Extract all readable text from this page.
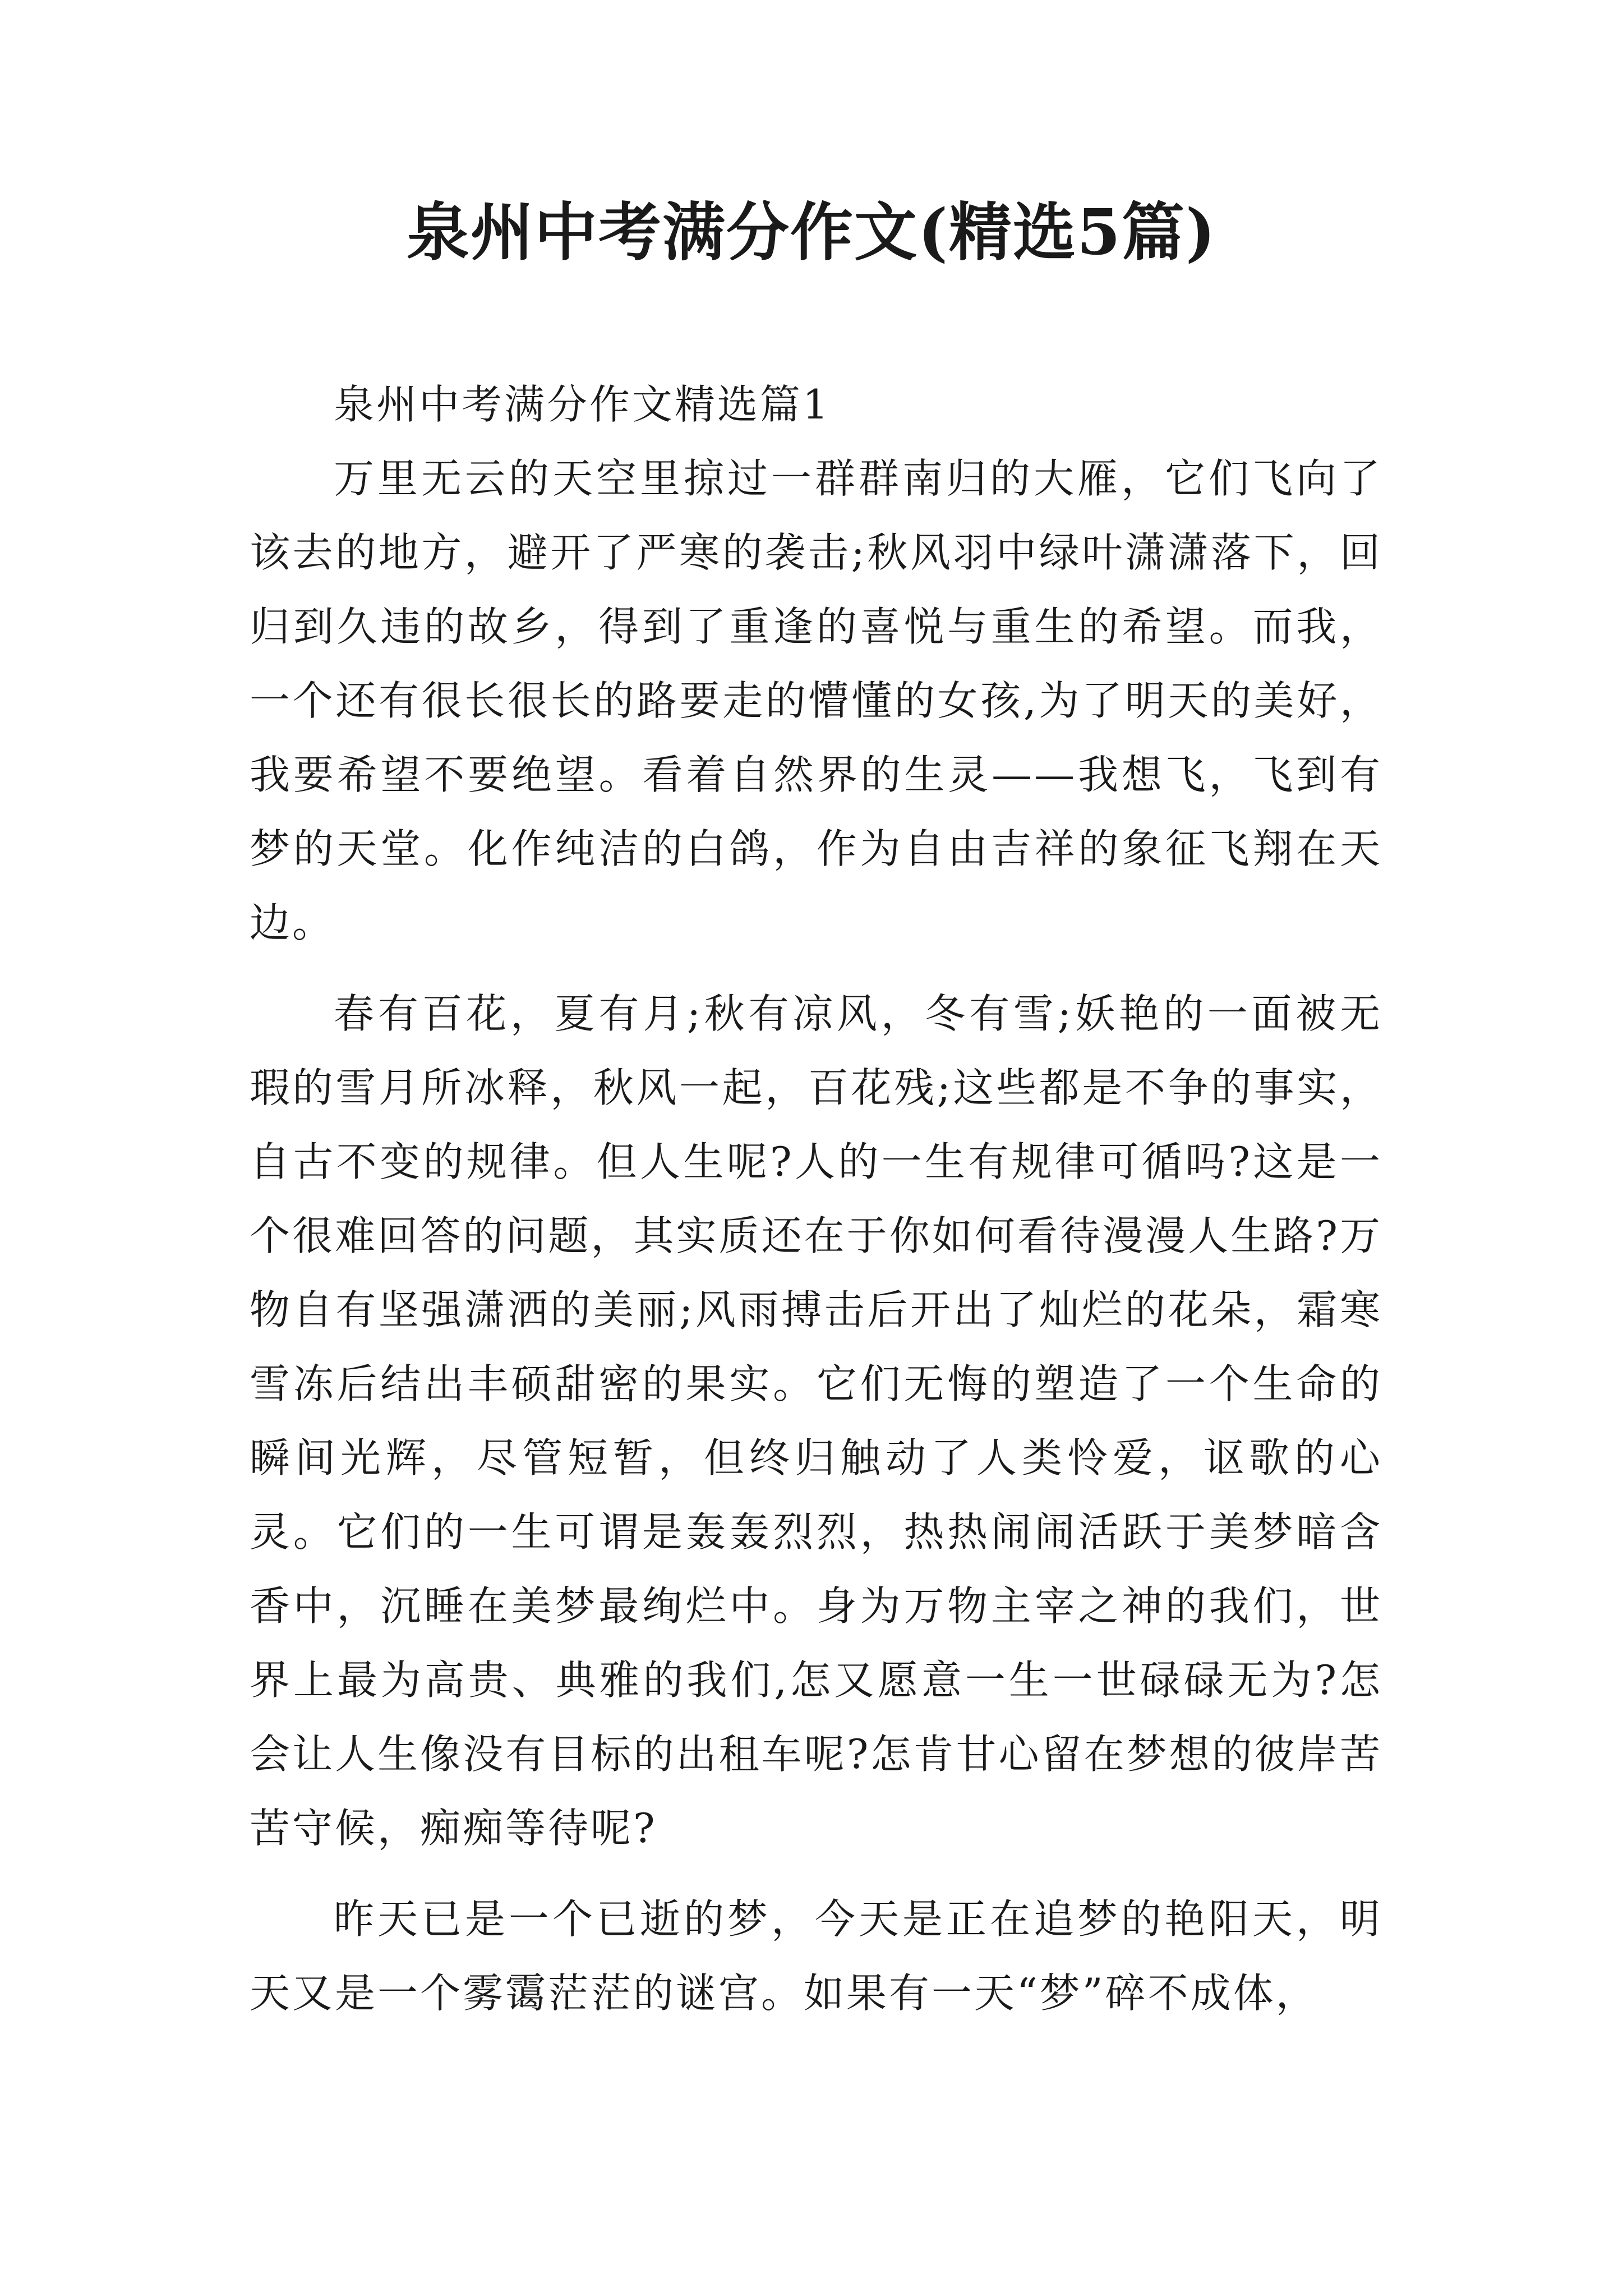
泉州中考满分作文(精选5篇)

泉州中考满分作文精选篇1

万里无云的天空里掠过一群群南归的大雁，它们飞向了该去的地方，避开了严寒的袭击;秋风羽中绿叶潇潇落下，回归到久违的故乡，得到了重逢的喜悦与重生的希望。而我，一个还有很长很长的路要走的懵懂的女孩,为了明天的美好，我要希望不要绝望。看着自然界的生灵——我想飞，飞到有梦的天堂。化作纯洁的白鸽，作为自由吉祥的象征飞翔在天边。

春有百花，夏有月;秋有凉风，冬有雪;妖艳的一面被无瑕的雪月所冰释，秋风一起，百花残;这些都是不争的事实，自古不变的规律。但人生呢?人的一生有规律可循吗?这是一个很难回答的问题，其实质还在于你如何看待漫漫人生路?万物自有坚强潇洒的美丽;风雨搏击后开出了灿烂的花朵，霜寒雪冻后结出丰硕甜密的果实。它们无悔的塑造了一个生命的瞬间光辉，尽管短暂，但终归触动了人类怜爱，讴歌的心灵。它们的一生可谓是轰轰烈烈，热热闹闹活跃于美梦暗含香中，沉睡在美梦最绚烂中。身为万物主宰之神的我们，世界上最为高贵、典雅的我们,怎又愿意一生一世碌碌无为?怎会让人生像没有目标的出租车呢?怎肯甘心留在梦想的彼岸苦苦守候，痴痴等待呢?

昨天已是一个已逝的梦，今天是正在追梦的艳阳天，明天又是一个雾霭茫茫的谜宫。如果有一天“梦”碎不成体，
